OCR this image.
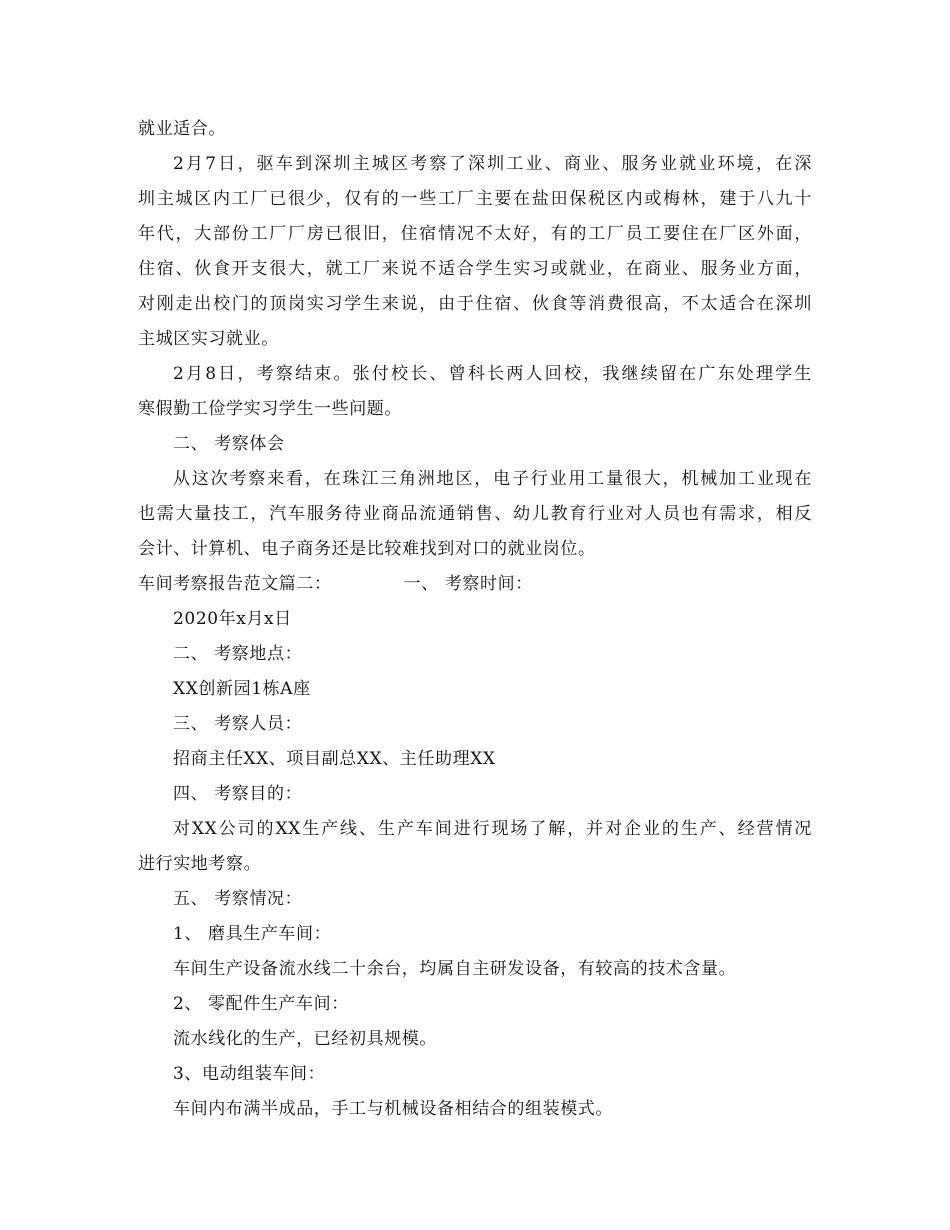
就业适合。
2月7日，驱车到深圳主城区考察了深圳工业、商业、服务业就业环境，在深
圳主城区内工厂已很少，仅有的一些工厂主要在盐田保税区内或梅林，建于八九十
年代，大部份工厂厂房已很旧，住宿情况不太好，有的工厂员工要住在厂区外面，
住宿、伙食开支很大，就工厂来说不适合学生实习或就业，在商业、服务业方面，
对刚走出校门的顶岗实习学生来说，由于住宿、伙食等消费很高，不太适合在深圳
主城区实习就业。
2月8日，考察结束。张付校长、曾科长两人回校，我继续留在广东处理学生
寒假勤工俭学实习学生一些问题。
二、 考察体会
从这次考察来看，在珠江三角洲地区，电子行业用工量很大，机械加工业现在
也需大量技工，汽车服务待业商品流通销售、幼儿教育行业对人员也有需求，相反
会计、计算机、电子商务还是比较难找到对口的就业岗位。
车间考察报告范文篇二：	一、 考察时间：
2020年x月x日
二、 考察地点：
XX创新园1栋A座
三、 考察人员：
招商主任XX、项目副总XX、主任助理XX
四、 考察目的：
对XX公司的XX生产线、生产车间进行现场了解，并对企业的生产、经营情况
进行实地考察。
五、 考察情况：
1、 磨具生产车间：
车间生产设备流水线二十余台，均属自主研发设备，有较高的技术含量。
2、 零配件生产车间：
流水线化的生产，已经初具规模。
3、电动组装车间：
车间内布满半成品，手工与机械设备相结合的组装模式。
